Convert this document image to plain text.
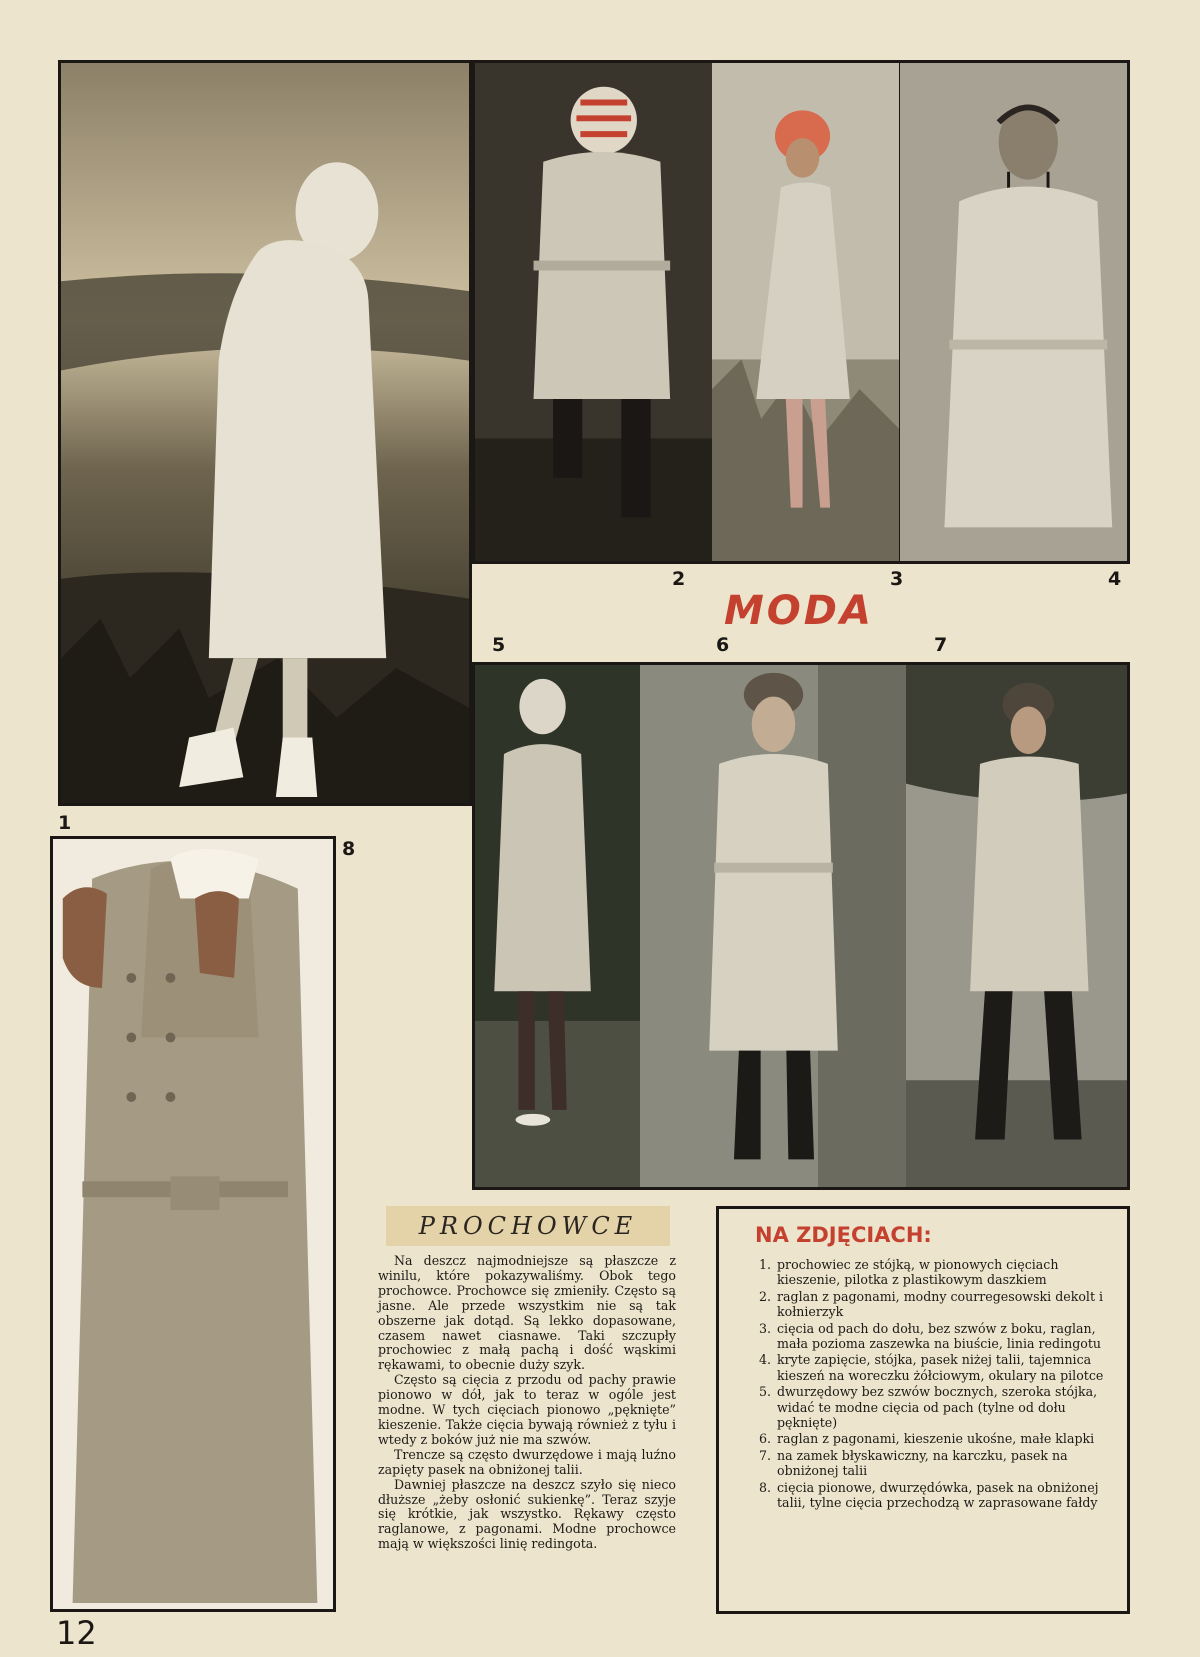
1
2	3	4
MODA
5	6	7
8
PROCHOWCE

Na deszcz najmodniejsze są płaszcze z winilu, które pokazywaliśmy. Obok tego prochowce. Prochowce się zmieniły. Często są jasne. Ale przede wszystkim nie są tak obszerne jak dotąd. Są lekko dopasowane, czasem nawet ciasnawe. Taki szczupły prochowiec z małą pachą i dość wąskimi rękawami, to obecnie duży szyk.

Często są cięcia z przodu od pachy prawie pionowo w dół, jak to teraz w ogóle jest modne. W tych cięciach pionowo „pęknięte” kieszenie. Także cięcia bywają również z tyłu i wtedy z boków już nie ma szwów.

Trencze są często dwurzędowe i mają luźno zapięty pasek na obniżonej talii.

Dawniej płaszcze na deszcz szyło się nieco dłuższe „żeby osłonić sukienkę”. Teraz szyje się krótkie, jak wszystko. Rękawy często raglanowe, z pagonami. Modne prochowce mają w większości linię redingota.

NA ZDJĘCIACH:
1. prochowiec ze stójką, w pionowych cięciach kieszenie, pilotka z plastikowym daszkiem
2. raglan z pagonami, modny courregesowski dekolt i kołnierzyk
3. cięcia od pach do dołu, bez szwów z boku, raglan, mała pozioma zaszewka na biuście, linia redingotu
4. kryte zapięcie, stójka, pasek niżej talii, tajemnica kieszeń na woreczku żółciowym, okulary na pilotce
5. dwurzędowy bez szwów bocznych, szeroka stójka, widać te modne cięcia od pach (tylne od dołu pęknięte)
6. raglan z pagonami, kieszenie ukośne, małe klapki
7. na zamek błyskawiczny, na karczku, pasek na obniżonej talii
8. cięcia pionowe, dwurzędówka, pasek na obniżonej talii, tylne cięcia przechodzą w zaprasowane fałdy
12
